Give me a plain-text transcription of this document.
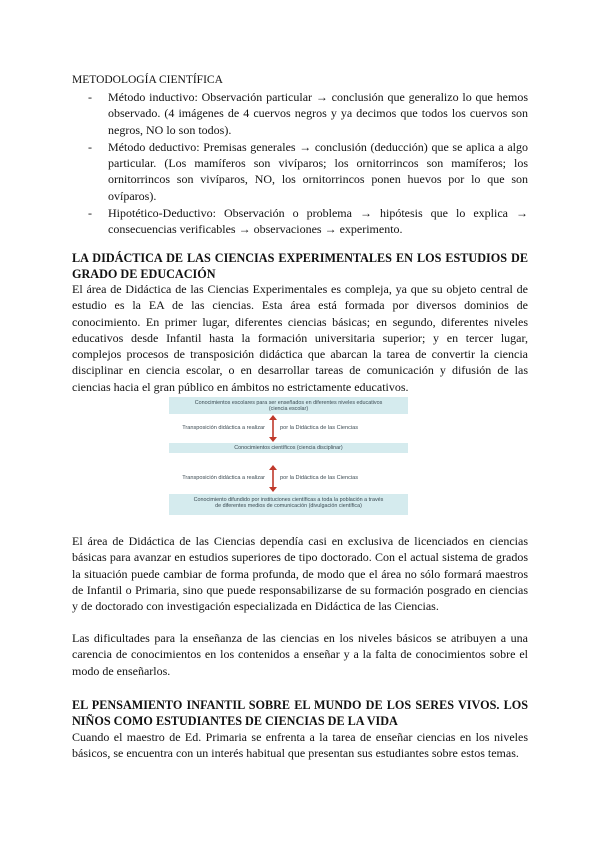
METODOLOGÍA CIENTÍFICA

- Método inductivo: Observación particular → conclusión que generalizo lo que hemos observado. (4 imágenes de 4 cuervos negros y ya decimos que todos los cuervos son negros, NO lo son todos).
- Método deductivo: Premisas generales → conclusión (deducción) que se aplica a algo particular. (Los mamíferos son vivíparos; los ornitorrincos son mamíferos; los ornitorrincos son vivíparos, NO, los ornitorrincos ponen huevos por lo que son ovíparos).
- Hipotético-Deductivo: Observación o problema → hipótesis que lo explica → consecuencias verificables → observaciones → experimento.
LA DIDÁCTICA DE LAS CIENCIAS EXPERIMENTALES EN LOS ESTUDIOS DE GRADO DE EDUCACIÓN

El área de Didáctica de las Ciencias Experimentales es compleja, ya que su objeto central de estudio es la EA de las ciencias. Esta área está formada por diversos dominios de conocimiento. En primer lugar, diferentes ciencias básicas; en segundo, diferentes niveles educativos desde Infantil hasta la formación universitaria superior; y en tercer lugar, complejos procesos de transposición didáctica que abarcan la tarea de convertir la ciencia disciplinar en ciencia escolar, o en desarrollar tareas de comunicación y difusión de las ciencias hacia el gran público en ámbitos no estrictamente educativos.

Conocimientos escolares para ser enseñados en diferentes niveles educativos
(ciencia escolar)
Transposición didáctica a realizar	por la Didáctica de las Ciencias
Conocimientos científicos (ciencia disciplinar)
Transposición didáctica a realizar	por la Didáctica de las Ciencias
Conocimiento difundido por instituciones científicas a toda la población a través
de diferentes medios de comunicación (divulgación científica)

El área de Didáctica de las Ciencias dependía casi en exclusiva de licenciados en ciencias básicas para avanzar en estudios superiores de tipo doctorado. Con el actual sistema de grados la situación puede cambiar de forma profunda, de modo que el área no sólo formará maestros de Infantil o Primaria, sino que puede responsabilizarse de su formación posgrado en ciencias y de doctorado con investigación especializada en Didáctica de las Ciencias.

Las dificultades para la enseñanza de las ciencias en los niveles básicos se atribuyen a una carencia de conocimientos en los contenidos a enseñar y a la falta de conocimientos sobre el modo de enseñarlos.

EL PENSAMIENTO INFANTIL SOBRE EL MUNDO DE LOS SERES VIVOS. LOS NIÑOS COMO ESTUDIANTES DE CIENCIAS DE LA VIDA

Cuando el maestro de Ed. Primaria se enfrenta a la tarea de enseñar ciencias en los niveles básicos, se encuentra con un interés habitual que presentan sus estudiantes sobre estos temas.
